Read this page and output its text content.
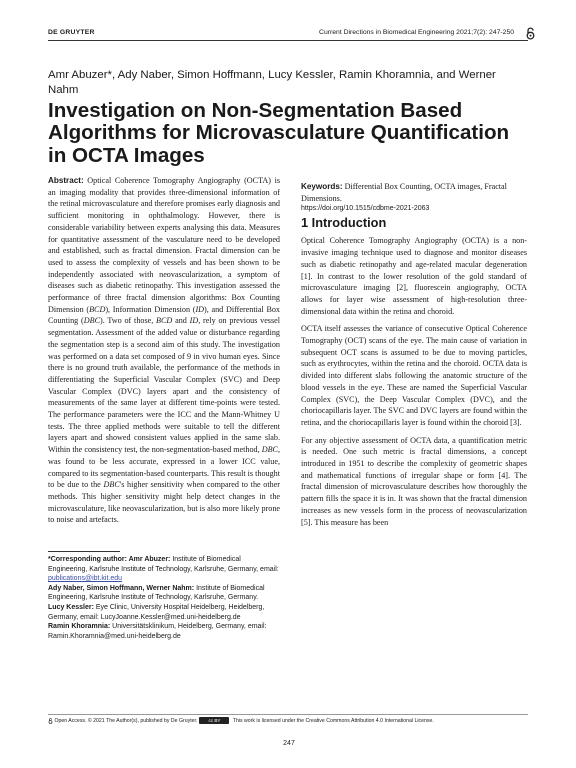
DE GRUYTER	Current Directions in Biomedical Engineering 2021;7(2): 247-250
Amr Abuzer*, Ady Naber, Simon Hoffmann, Lucy Kessler, Ramin Khoramnia, and Werner Nahm
Investigation on Non-Segmentation Based Algorithms for Microvasculature Quantification in OCTA Images

Abstract: Optical Coherence Tomography Angiography (OCTA) is an imaging modality that provides three-dimensional information of the retinal microvasculature and therefore promises early diagnosis and sufficient monitoring in ophthalmology. However, there is considerable variability between experts analysing this data. Measures for quantitative assessment of the vasculature need to be developed and established, such as fractal dimension. Fractal dimension can be used to assess the complexity of vessels and has been shown to be independently associated with neovascularization, a symptom of diseases such as diabetic retinopathy. This investigation assessed the performance of three fractal dimension algorithms: Box Counting Dimension (BCD), Information Dimension (ID), and Differential Box Counting (DBC). Two of those, BCD and ID, rely on previous vessel segmentation. Assessment of the added value or disturbance regarding the segmentation step is a second aim of this study. The investigation was performed on a data set composed of 9 in vivo human eyes. Since there is no ground truth available, the performance of the methods in differentiating the Superficial Vascular Complex (SVC) and Deep Vascular Complex (DVC) layers apart and the consistency of measurements of the same layer at different time-points were tested. The performance parameters were the ICC and the Mann-Whitney U tests. The three applied methods were suitable to tell the different layers apart and showed consistent values applied in the same slab. Within the consistency test, the non-segmentation-based method, DBC, was found to be less accurate, expressed in a lower ICC value, compared to its segmentation-based counterparts. This result is thought to be due to the DBC's higher sensitivity when compared to the other methods. This higher sensitivity might help detect changes in the microvasculature, like neovascularization, but is also more likely prone to noise and artefacts.

Keywords: Differential Box Counting, OCTA images, Fractal Dimensions.

https://doi.org/10.1515/cdbme-2021-2063

1 Introduction

Optical Coherence Tomography Angiography (OCTA) is a non-invasive imaging technique used to diagnose and monitor diseases such as diabetic retinopathy and age-related macular degeneration [1]. In contrast to the lower resolution of the gold standard of microvasculature imaging [2], fluorescein angiography, OCTA allows for layer wise assessment of high-resolution three-dimensional data within the retina and choroid.

OCTA itself assesses the variance of consecutive Optical Coherence Tomography (OCT) scans of the eye. The main cause of variation in subsequent OCT scans is assumed to be due to moving particles, such as erythrocytes, within the retina and the choroid. OCTA data is divided into different slabs following the anatomic structure of the blood vessels in the eye. These are named the Superficial Vascular Complex (SVC), the Deep Vascular Complex (DVC), and the choriocapillaris layer. The SVC and DVC layers are found within the retina, and the choriocapillaris layer is found within the choroid [3].

For any objective assessment of OCTA data, a quantification metric is needed. One such metric is fractal dimensions, a concept introduced in 1951 to describe the complexity of geometric shapes and mathematical functions of irregular shape or form [4]. The fractal dimension of microvasculature describes how thoroughly the pattern fills the space it is in. It was shown that the fractal dimension increases as new vessels form in the process of neovascularization [5]. This measure has been

*Corresponding author: Amr Abuzer: Institute of Biomedical Engineering, Karlsruhe Institute of Technology, Karlsruhe, Germany, email: publications@ibt.kit.edu
Ady Naber, Simon Hoffmann, Werner Nahm: Institute of Biomedical Engineering, Karlsruhe Institute of Technology, Karlsruhe, Germany.
Lucy Kessler: Eye Clinic, University Hospital Heidelberg, Heidelberg, Germany, email: LucyJoanne.Kessler@med.uni-heidelberg.de
Ramin Khoramnia: Universitätsklinikum, Heidelberg, Germany, email: Ramin.Khoramnia@med.uni-heidelberg.de
Open Access. © 2021 The Author(s), published by De Gruyter. cc BY This work is licensed under the Creative Commons Attribution 4.0 International License.
247
